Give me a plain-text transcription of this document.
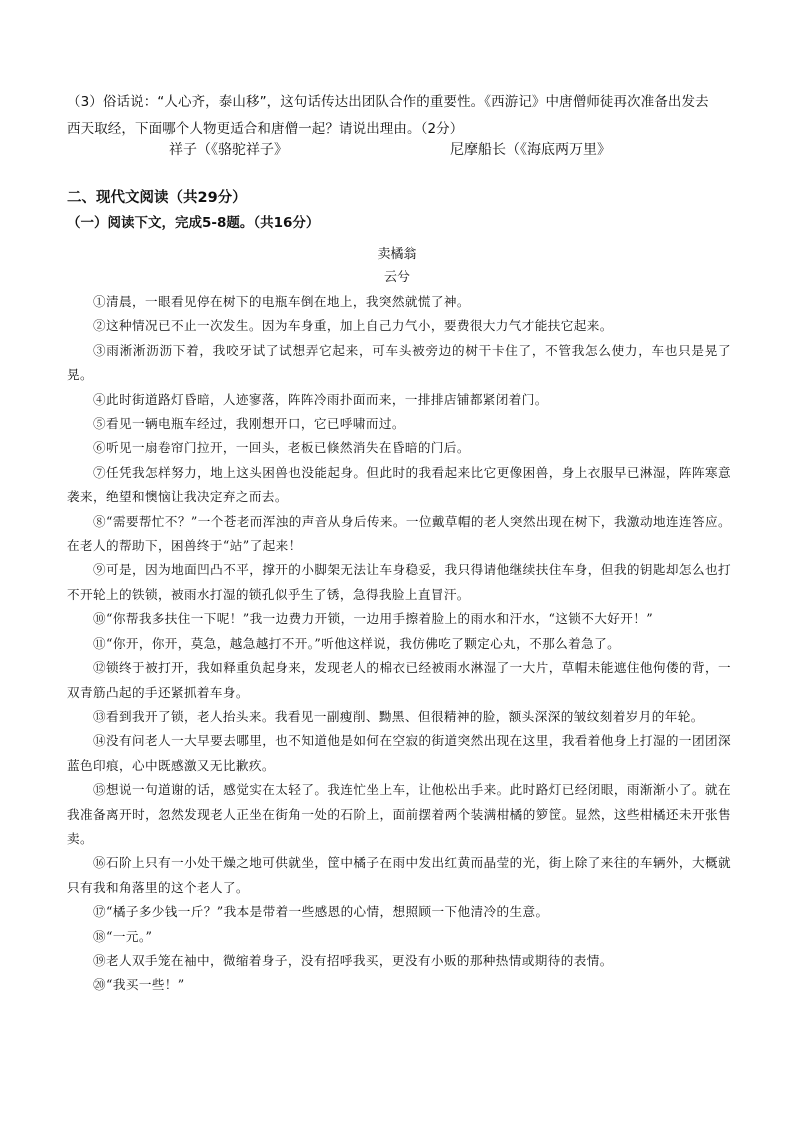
（3）俗话说：“人心齐，泰山移”，这句话传达出团队合作的重要性。《西游记》中唐僧师徒再次准备出发去

西天取经，下面哪个人物更适合和唐僧一起？请说出理由。（2分）

祥子（《骆驼祥子》	尼摩船长（《海底两万里》
二、现代文阅读（共29分）
（一）阅读下文，完成5-8题。（共16分）
卖橘翁
云兮

①清晨，一眼看见停在树下的电瓶车倒在地上，我突然就慌了神。

②这种情况已不止一次发生。因为车身重，加上自己力气小，要费很大力气才能扶它起来。

③雨淅淅沥沥下着，我咬牙试了试想弄它起来，可车头被旁边的树干卡住了，不管我怎么使力，车也只是晃了晃。

④此时街道路灯昏暗，人迹寥落，阵阵冷雨扑面而来，一排排店铺都紧闭着门。

⑤看见一辆电瓶车经过，我刚想开口，它已呼啸而过。

⑥听见一扇卷帘门拉开，一回头，老板已倏然消失在昏暗的门后。

⑦任凭我怎样努力，地上这头困兽也没能起身。但此时的我看起来比它更像困兽，身上衣服早已淋湿，阵阵寒意袭来，绝望和懊恼让我决定弃之而去。

⑧“需要帮忙不？”一个苍老而浑浊的声音从身后传来。一位戴草帽的老人突然出现在树下，我激动地连连答应。在老人的帮助下，困兽终于“站”了起来！

⑨可是，因为地面凹凸不平，撑开的小脚架无法让车身稳妥，我只得请他继续扶住车身，但我的钥匙却怎么也打不开轮上的铁锁，被雨水打湿的锁孔似乎生了锈，急得我脸上直冒汗。

⑩“你帮我多扶住一下呢！”我一边费力开锁，一边用手擦着脸上的雨水和汗水，“这锁不大好开！”

⑪“你开，你开，莫急，越急越打不开。”听他这样说，我仿佛吃了颗定心丸，不那么着急了。

⑫锁终于被打开，我如释重负起身来，发现老人的棉衣已经被雨水淋湿了一大片，草帽未能遮住他佝偻的背，一双青筋凸起的手还紧抓着车身。

⑬看到我开了锁，老人抬头来。我看见一副瘦削、黝黑、但很精神的脸，额头深深的皱纹刻着岁月的年轮。

⑭没有问老人一大早要去哪里，也不知道他是如何在空寂的街道突然出现在这里，我看着他身上打湿的一团团深蓝色印痕，心中既感激又无比歉疚。

⑮想说一句道谢的话，感觉实在太轻了。我连忙坐上车，让他松出手来。此时路灯已经闭眼，雨渐渐小了。就在我准备离开时，忽然发现老人正坐在街角一处的石阶上，面前摆着两个装满柑橘的箩筐。显然，这些柑橘还未开张售卖。

⑯石阶上只有一小处干燥之地可供就坐，筐中橘子在雨中发出红黄而晶莹的光，街上除了来往的车辆外，大概就只有我和角落里的这个老人了。

⑰“橘子多少钱一斤？”我本是带着一些感恩的心情，想照顾一下他清冷的生意。

⑱“一元。”

⑲老人双手笼在袖中，微缩着身子，没有招呼我买，更没有小贩的那种热情或期待的表情。

⑳“我买一些！”
